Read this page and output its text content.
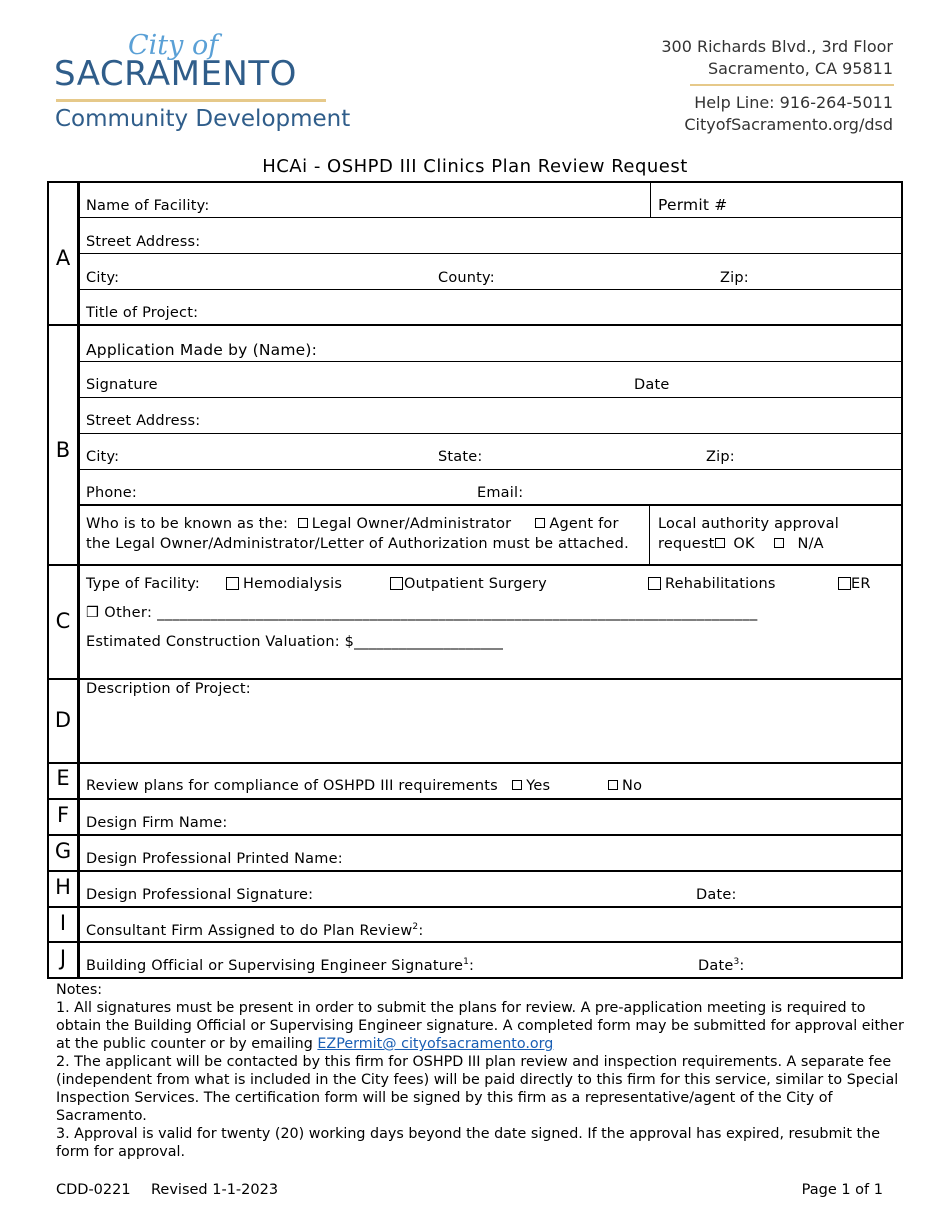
City of
SACRAMENTO
Community Development
300 Richards Blvd., 3rd Floor
Sacramento, CA 95811
Help Line: 916-264-5011
CityofSacramento.org/dsd
HCAi - OSHPD III Clinics Plan Review Request
A
B
C
D
E
F
G
H
I
J
Name of Facility:	Permit #
Street Address:
City:	County:	Zip:
Title of Project:
Application Made by (Name):
Signature	Date
Street Address:
City:	State:	Zip:
Phone:	Email:
Who is to be known as the: Legal Owner/Administrator	Agent for
the Legal Owner/Administrator/Letter of Authorization must be attached.
Local authority approval
request OK	N/A
Type of Facility:	Hemodialysis	Outpatient Surgery	Rehabilitations	ER
❒ Other: _______________________________________________________________________________
Estimated Construction Valuation: $____________________
Description of Project:
Review plans for compliance of OSHPD III requirements Yes	No
Design Firm Name:
Design Professional Printed Name:
Design Professional Signature:	Date:
Consultant Firm Assigned to do Plan Review$^2$:
Building Official or Supervising Engineer Signature$^1$:	Date$^3$:
Notes:
1. All signatures must be present in order to submit the plans for review. A pre-application meeting is required to obtain the Building Official or Supervising Engineer signature. A completed form may be submitted for approval either at the public counter or by emailing EZPermit@ cityofsacramento.org
2. The applicant will be contacted by this firm for OSHPD III plan review and inspection requirements. A separate fee (independent from what is included in the City fees) will be paid directly to this firm for this service, similar to Special Inspection Services. The certification form will be signed by this firm as a representative/agent of the City of Sacramento.
3. Approval is valid for twenty (20) working days beyond the date signed. If the approval has expired, resubmit the form for approval.
CDD-0221 Revised 1-1-2023	Page 1 of 1
